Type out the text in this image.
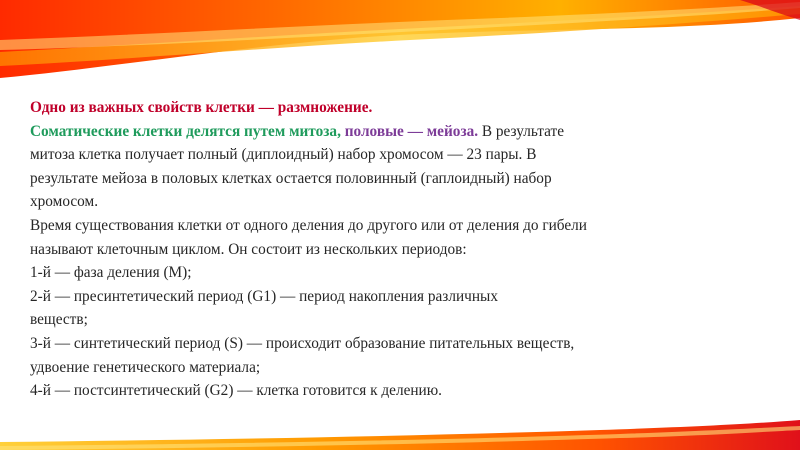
Одно из важных свойств клетки — размножение.
Соматические клетки делятся путем митоза, половые — мейоза. В результате
митоза клетка получает полный (диплоидный) набор хромосом — 23 пары. В
результате мейоза в половых клетках остается половинный (гаплоидный) набор
хромосом.
Время существования клетки от одного деления до другого или от деления до гибели
называют клеточным циклом. Он состоит из нескольких периодов:
1-й — фаза деления (М);
2-й — пресинтетический период (G1) — период накопления различных
веществ;
3-й — синтетический период (S) — происходит образование питательных веществ,
удвоение генетического материала;
4-й — постсинтетический (G2) — клетка готовится к делению.
